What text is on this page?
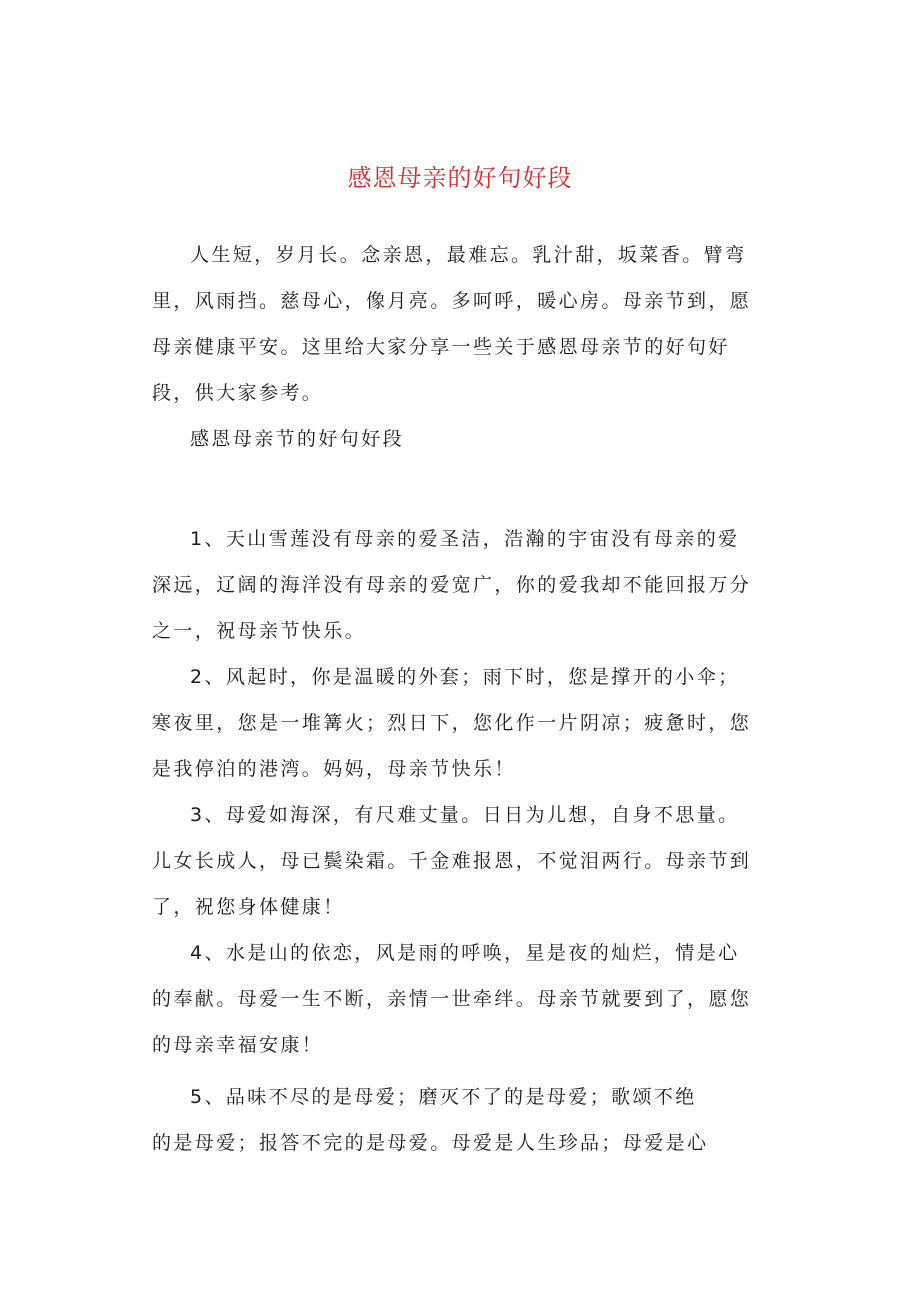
感恩母亲的好句好段

人生短，岁月长。念亲恩，最难忘。乳汁甜，坂菜香。臂弯里，风雨挡。慈母心，像月亮。多呵呼，暖心房。母亲节到，愿母亲健康平安。这里给大家分享一些关于感恩母亲节的好句好段，供大家参考。

感恩母亲节的好句好段

1、天山雪莲没有母亲的爱圣洁，浩瀚的宇宙没有母亲的爱深远，辽阔的海洋没有母亲的爱宽广，你的爱我却不能回报万分之一，祝母亲节快乐。

2、风起时，你是温暖的外套；雨下时，您是撑开的小伞；寒夜里，您是一堆篝火；烈日下，您化作一片阴凉；疲惫时，您是我停泊的港湾。妈妈，母亲节快乐！

3、母爱如海深，有尺难丈量。日日为儿想，自身不思量。儿女长成人，母已鬓染霜。千金难报恩，不觉泪两行。母亲节到了，祝您身体健康！

4、水是山的依恋，风是雨的呼唤，星是夜的灿烂，情是心的奉献。母爱一生不断，亲情一世牵绊。母亲节就要到了，愿您的母亲幸福安康！

5、品味不尽的是母爱；磨灭不了的是母爱；歌颂不绝
的是母爱；报答不完的是母爱。母爱是人生珍品；母爱是心
